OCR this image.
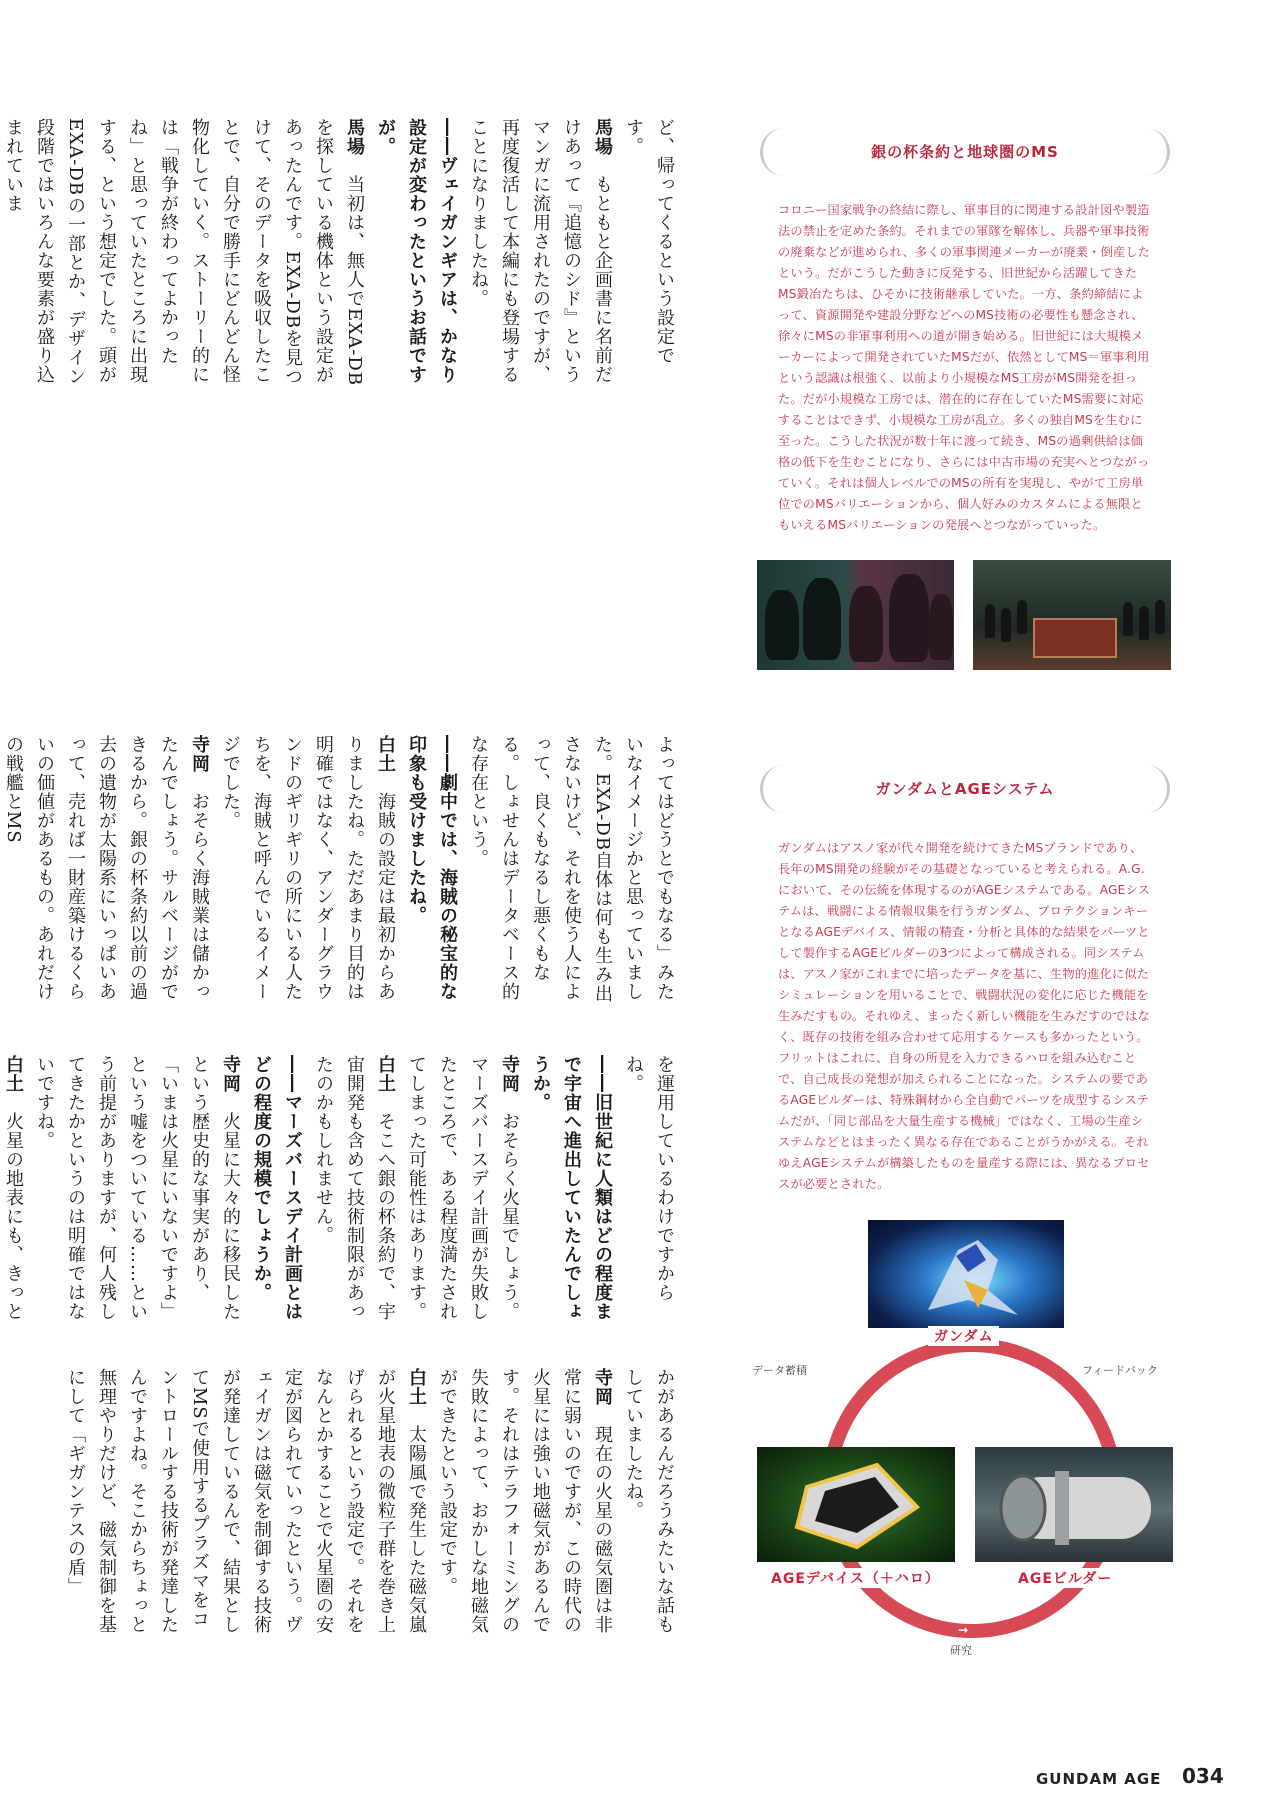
ど、帰ってくるという設定です。

馬場　もともと企画書に名前だけあって『追憶のシド』というマンガに流用されたのですが、再度復活して本編にも登場することになりましたね。

――ヴェイガンギアは、かなり設定が変わったというお話ですが。

馬場　当初は、無人でEXA-DBを探している機体という設定があったんです。EXA-DBを見つけて、そのデータを吸収したことで、自分で勝手にどんどん怪物化していく。ストーリー的には「戦争が終わってよかったね」と思っていたところに出現する、という想定でした。頭がEXA-DBの一部とか、デザイン段階ではいろんな要素が盛り込まれていま

よってはどうとでもなる」みたいなイメージかと思っていました。EXA-DB自体は何も生み出さないけど、それを使う人によって、良くもなるし悪くもなる。しょせんはデータベース的な存在という。

――劇中では、海賊の秘宝的な印象も受けましたね。

白土　海賊の設定は最初からありましたね。ただあまり目的は明確ではなく、アンダーグラウンドのギリギリの所にいる人たちを、海賊と呼んでいるイメージでした。

寺岡　おそらく海賊業は儲かったんでしょう。サルベージができるから。銀の杯条約以前の過去の遺物が太陽系にいっぱいあって、売れば一財産築けるくらいの価値があるもの。あれだけの戦艦とMS

を運用しているわけですからね。

――旧世紀に人類はどの程度まで宇宙へ進出していたんでしょうか。

寺岡　おそらく火星でしょう。マーズバースデイ計画が失敗したところで、ある程度満たされてしまった可能性はあります。

白土　そこへ銀の杯条約で、宇宙開発も含めて技術制限があったのかもしれません。

――マーズバースデイ計画とはどの程度の規模でしょうか。

寺岡　火星に大々的に移民したという歴史的な事実があり、「いまは火星にいないですよ」という嘘をついている……という前提がありますが、何人残してきたかというのは明確ではないですね。

白土　火星の地表にも、きっと

かがあるんだろうみたいな話もしていましたね。

寺岡　現在の火星の磁気圏は非常に弱いのですが、この時代の火星には強い地磁気があるんです。それはテラフォーミングの失敗によって、おかしな地磁気ができたという設定です。

白土　太陽風で発生した磁気嵐が火星地表の微粒子群を巻き上げられるという設定で。それをなんとかすることで火星圏の安定が図られていったという。ヴェイガンは磁気を制御する技術が発達しているんで、結果としてMSで使用するプラズマをコントロールする技術が発達したんですよね。そこからちょっと無理やりだけど、磁気制御を基にして「ギガンテスの盾」

銀の杯条約と地球圏のMS

コロニー国家戦争の終結に際し、軍事目的に関連する設計図や製造法の禁止を定めた条約。それまでの軍隊を解体し、兵器や軍事技術の廃棄などが進められ、多くの軍事関連メーカーが廃業・倒産したという。だがこうした動きに反発する、旧世紀から活躍してきたMS鍛冶たちは、ひそかに技術継承していた。一方、条約締結によって、資源開発や建設分野などへのMS技術の必要性も懸念され、徐々にMSの非軍事利用への道が開き始める。旧世紀には大規模メーカーによって開発されていたMSだが、依然としてMS＝軍事利用という認識は根強く、以前より小規模なMS工房がMS開発を担った。だが小規模な工房では、潜在的に存在していたMS需要に対応することはできず、小規模な工房が乱立。多くの独自MSを生むに至った。こうした状況が数十年に渡って続き、MSの過剰供給は価格の低下を生むことになり、さらには中古市場の充実へとつながっていく。それは個人レベルでのMSの所有を実現し、やがて工房単位でのMSバリエーションから、個人好みのカスタムによる無限ともいえるMSバリエーションの発展へとつながっていった。

ガンダムとAGEシステム

ガンダムはアスノ家が代々開発を続けてきたMSブランドであり、長年のMS開発の経験がその基礎となっていると考えられる。A.G.において、その伝統を体現するのがAGEシステムである。AGEシステムは、戦闘による情報収集を行うガンダム、プロテクションキーとなるAGEデバイス、情報の精査・分析と具体的な結果をパーツとして製作するAGEビルダーの3つによって構成される。同システムは、アスノ家がこれまでに培ったデータを基に、生物的進化に似たシミュレーションを用いることで、戦闘状況の変化に応じた機能を生みだすもの。それゆえ、まったく新しい機能を生みだすのではなく、既存の技術を組み合わせて応用するケースも多かったという。フリットはこれに、自身の所見を入力できるハロを組み込むことで、自己成長の発想が加えられることになった。システムの要であるAGEビルダーは、特殊鋼材から全自動でパーツを成型するシステムだが、「同じ部品を大量生産する機械」ではなく、工場の生産システムなどとはまったく異なる存在であることがうかがえる。それゆえAGEシステムが構築したものを量産する際には、異なるプロセスが必要とされた。

ガンダム
AGEデバイス（＋ハロ）	AGEビルダー
データ蓄積	フィードバック
研究
↙	↖
→
GUNDAM AGE 034
